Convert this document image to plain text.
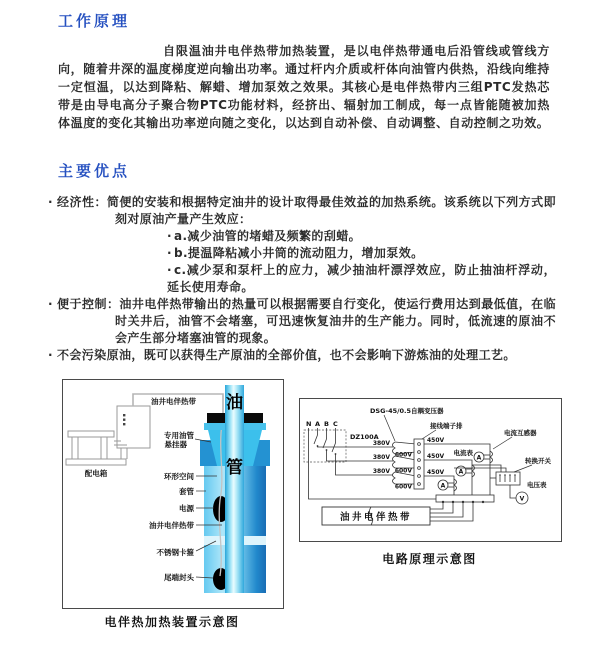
工作原理
自限温油井电伴热带加热装置，是以电伴热带通电后沿管线或管线方向，随着井深的温度梯度逆向输出功率。通过杆内介质或杆体向油管内供热，沿线向维持一定恒温，以达到降粘、解蜡、增加泵效之效果。其核心是电伴热带内三组PTC发热芯带是由导电高分子聚合物PTC功能材料，经挤出、辐射加工制成，每一点皆能随被加热体温度的变化其输出功率逆向随之变化，以达到自动补偿、自动调整、自动控制之功效。
主要优点
· 经济性：简便的安装和根据特定油井的设计取得最佳效益的加热系统。该系统以下列方式即刻对原油产量产生效应：
· a.减少油管的堵蜡及频繁的刮蜡。
· b.提温降粘减小井筒的流动阻力，增加泵效。
· c.减少泵和泵杆上的应力，减少抽油杆漂浮效应，防止抽油杆浮动，延长使用寿命。
· 便于控制：油井电伴热带输出的热量可以根据需要自行变化，使运行费用达到最低值，在临时关井后，油管不会堵塞，可迅速恢复油井的生产能力。同时，低流速的原油不会产生部分堵塞油管的现象。
· 不会污染原油，既可以获得生产原油的全部价值，也不会影响下游炼油的处理工艺。
油
管
油井电伴热带
专用油管
悬挂器
环形空间
套管
电源
油井电伴热带
不锈钢卡箍
尾端封头
配电箱
电伴热加热装置示意图
N A B C
DZ100A
380V
380V
380V
DSG-45/0.5自耦变压器
接线端子排
600V
600V
600V
450V
450V
450V
A
A
A
电流表
电流互感器
转换开关
V
电压表
油井电伴热带
电路原理示意图
